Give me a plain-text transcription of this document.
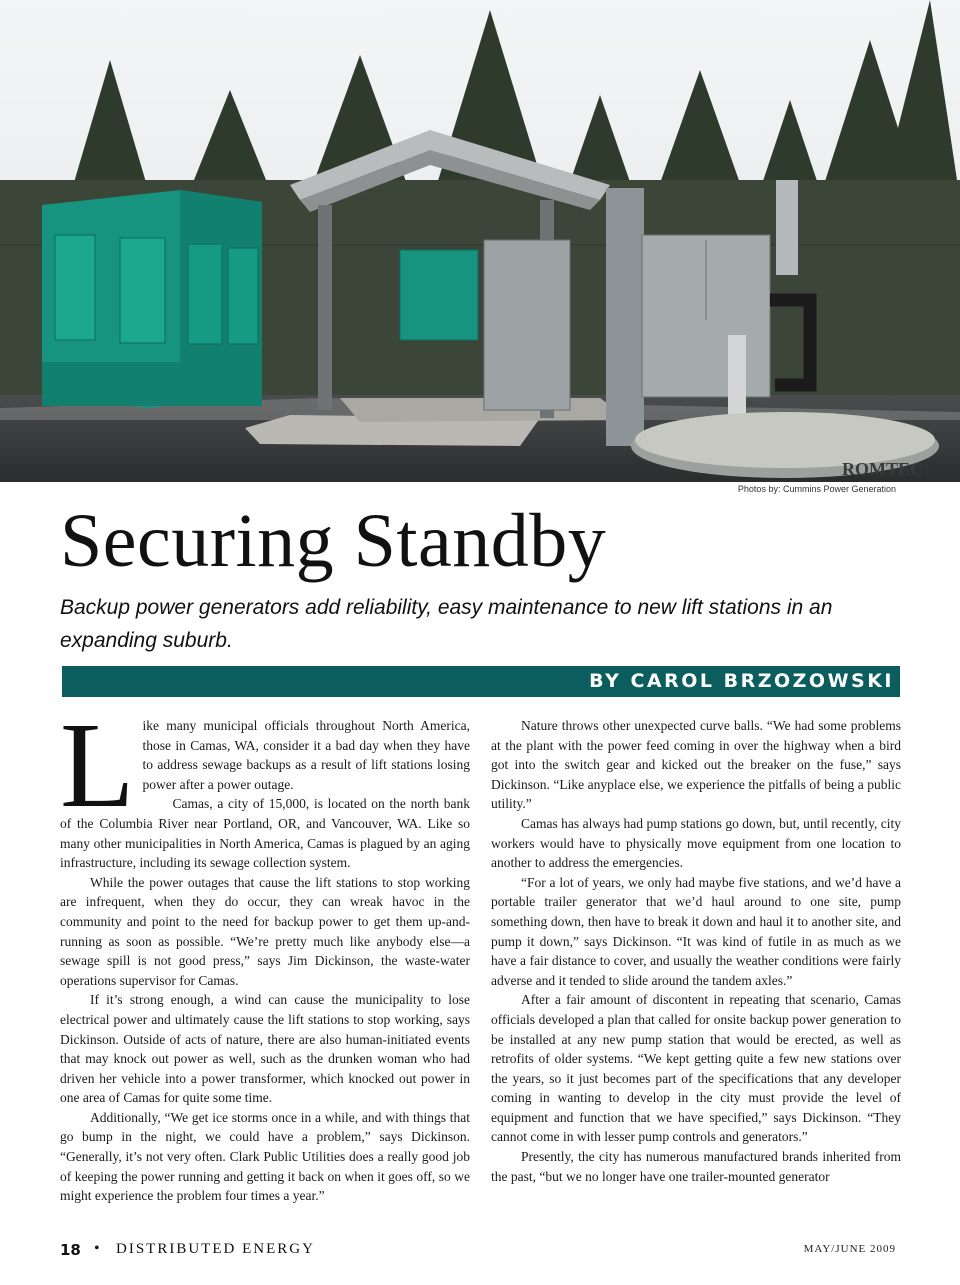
ROMTEC
Photos by: Cummins Power Generation
Securing Standby

Backup power generators add reliability, easy maintenance to new lift stations in an expanding suburb.

BY CAROL BRZOZOWSKI

Like many municipal officials throughout North America, those in Camas, WA, consider it a bad day when they have to address sewage backups as a result of lift stations losing power after a power outage.

Camas, a city of 15,000, is located on the north bank of the Columbia River near Portland, OR, and Vancouver, WA. Like so many other municipalities in North America, Camas is plagued by an aging infrastructure, including its sewage collection system.

While the power outages that cause the lift stations to stop working are infrequent, when they do occur, they can wreak havoc in the community and point to the need for backup power to get them up-and-running as soon as possible. “We’re pretty much like anybody else—a sewage spill is not good press,” says Jim Dickinson, the waste-water operations supervisor for Camas.

If it’s strong enough, a wind can cause the municipality to lose electrical power and ultimately cause the lift stations to stop working, says Dickinson. Outside of acts of nature, there are also human-initiated events that may knock out power as well, such as the drunken woman who had driven her vehicle into a power transformer, which knocked out power in one area of Camas for quite some time.

Additionally, “We get ice storms once in a while, and with things that go bump in the night, we could have a problem,” says Dickinson. “Generally, it’s not very often. Clark Public Utilities does a really good job of keeping the power running and getting it back on when it goes off, so we might experience the problem four times a year.”

Nature throws other unexpected curve balls. “We had some problems at the plant with the power feed coming in over the highway when a bird got into the switch gear and kicked out the breaker on the fuse,” says Dickinson. “Like anyplace else, we experience the pitfalls of being a public utility.”

Camas has always had pump stations go down, but, until recently, city workers would have to physically move equipment from one location to another to address the emergencies.

“For a lot of years, we only had maybe five stations, and we’d have a portable trailer generator that we’d haul around to one site, pump something down, then have to break it down and haul it to another site, and pump it down,” says Dickinson. “It was kind of futile in as much as we have a fair distance to cover, and usually the weather conditions were fairly adverse and it tended to slide around the tandem axles.”

After a fair amount of discontent in repeating that scenario, Camas officials developed a plan that called for onsite backup power generation to be installed at any new pump station that would be erected, as well as retrofits of older systems. “We kept getting quite a few new stations over the years, so it just becomes part of the specifications that any developer coming in wanting to develop in the city must provide the level of equipment and function that we have specified,” says Dickinson. “They cannot come in with lesser pump controls and generators.”

Presently, the city has numerous manufactured brands inherited from the past, “but we no longer have one trailer-mounted generator

18 • DISTRIBUTED ENERGY	MAY/JUNE 2009
